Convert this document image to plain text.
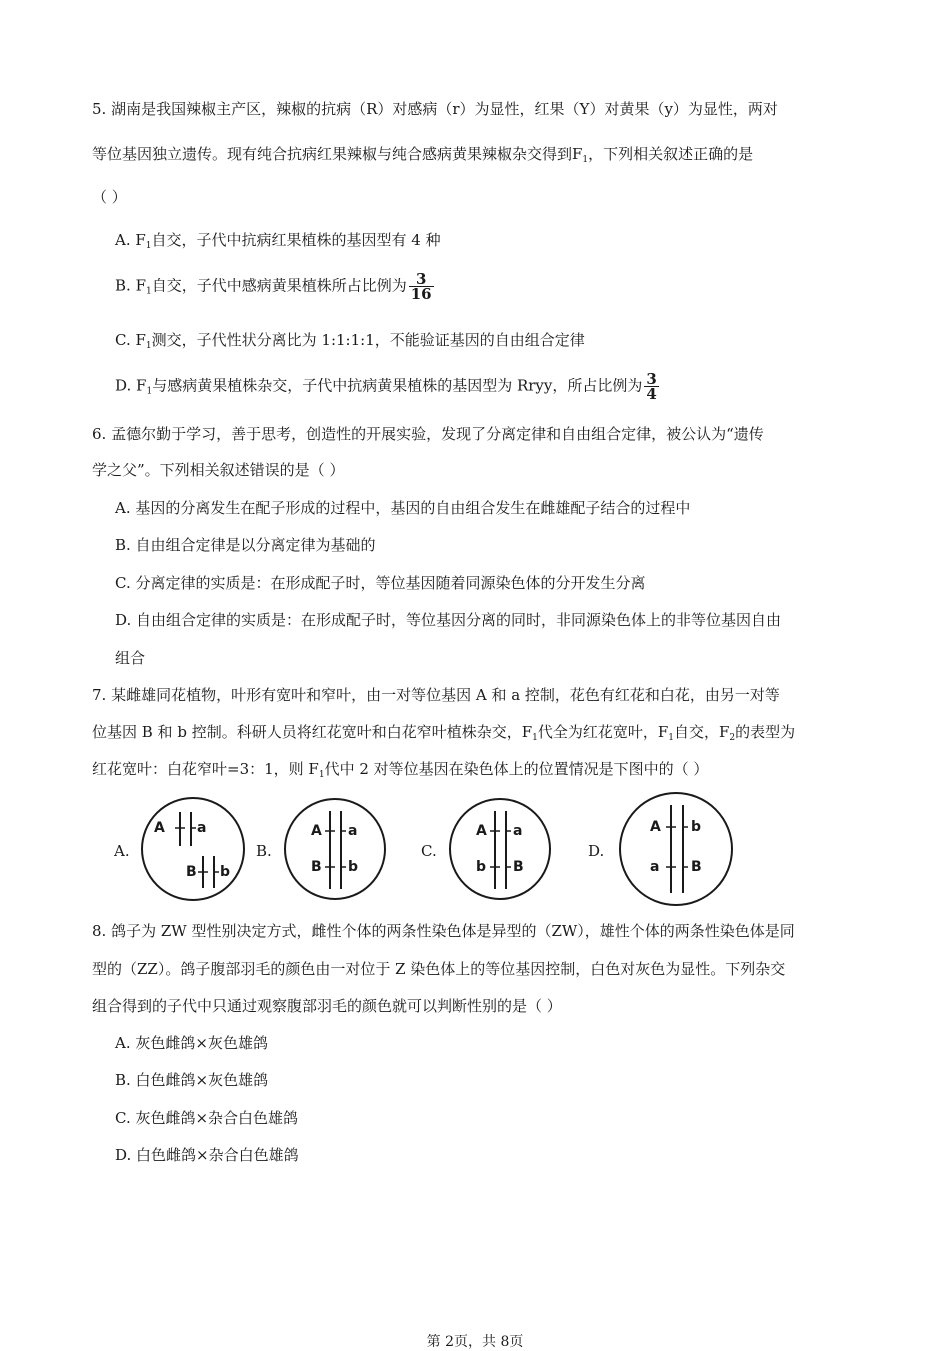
5. 湖南是我国辣椒主产区，辣椒的抗病（R）对感病（r）为显性，红果（Y）对黄果（y）为显性，两对
等位基因独立遗传。现有纯合抗病红果辣椒与纯合感病黄果辣椒杂交得到$F_1$，下列相关叙述正确的是
（ ）
A. $F_1$自交，子代中抗病红果植株的基因型有 4 种
B. $F_1$自交，子代中感病黄果植株所占比例为 $\frac{3}{16}$
C. $F_1$测交，子代性状分离比为 1:1:1:1，不能验证基因的自由组合定律
D. $F_1$与感病黄果植株杂交，子代中抗病黄果植株的基因型为 Rryy，所占比例为 $\frac{3}{4}$
6. 孟德尔勤于学习，善于思考，创造性的开展实验，发现了分离定律和自由组合定律，被公认为“遗传
学之父”。下列相关叙述错误的是（ ）
A. 基因的分离发生在配子形成的过程中，基因的自由组合发生在雌雄配子结合的过程中
B. 自由组合定律是以分离定律为基础的
C. 分离定律的实质是：在形成配子时，等位基因随着同源染色体的分开发生分离
D. 自由组合定律的实质是：在形成配子时，等位基因分离的同时，非同源染色体上的非等位基因自由
组合
7. 某雌雄同花植物，叶形有宽叶和窄叶，由一对等位基因 A 和 a 控制，花色有红花和白花，由另一对等
位基因 B 和 b 控制。科研人员将红花宽叶和白花窄叶植株杂交，$F_1$代全为红花宽叶，$F_1$自交，$F_2$的表型为
红花宽叶：白花窄叶=3：1，则 $F_1$代中 2 对等位基因在染色体上的位置情况是下图中的（ ）
A.
A a
B b
B.
A a
B b
C.
A a
b B
D.
A b
a B
8. 鸽子为 ZW 型性别决定方式，雌性个体的两条性染色体是异型的（ZW），雄性个体的两条性染色体是同
型的（ZZ）。鸽子腹部羽毛的颜色由一对位于 Z 染色体上的等位基因控制，白色对灰色为显性。下列杂交
组合得到的子代中只通过观察腹部羽毛的颜色就可以判断性别的是（ ）
A. 灰色雌鸽×灰色雄鸽
B. 白色雌鸽×灰色雄鸽
C. 灰色雌鸽×杂合白色雄鸽
D. 白色雌鸽×杂合白色雄鸽
第 2页，共 8页
